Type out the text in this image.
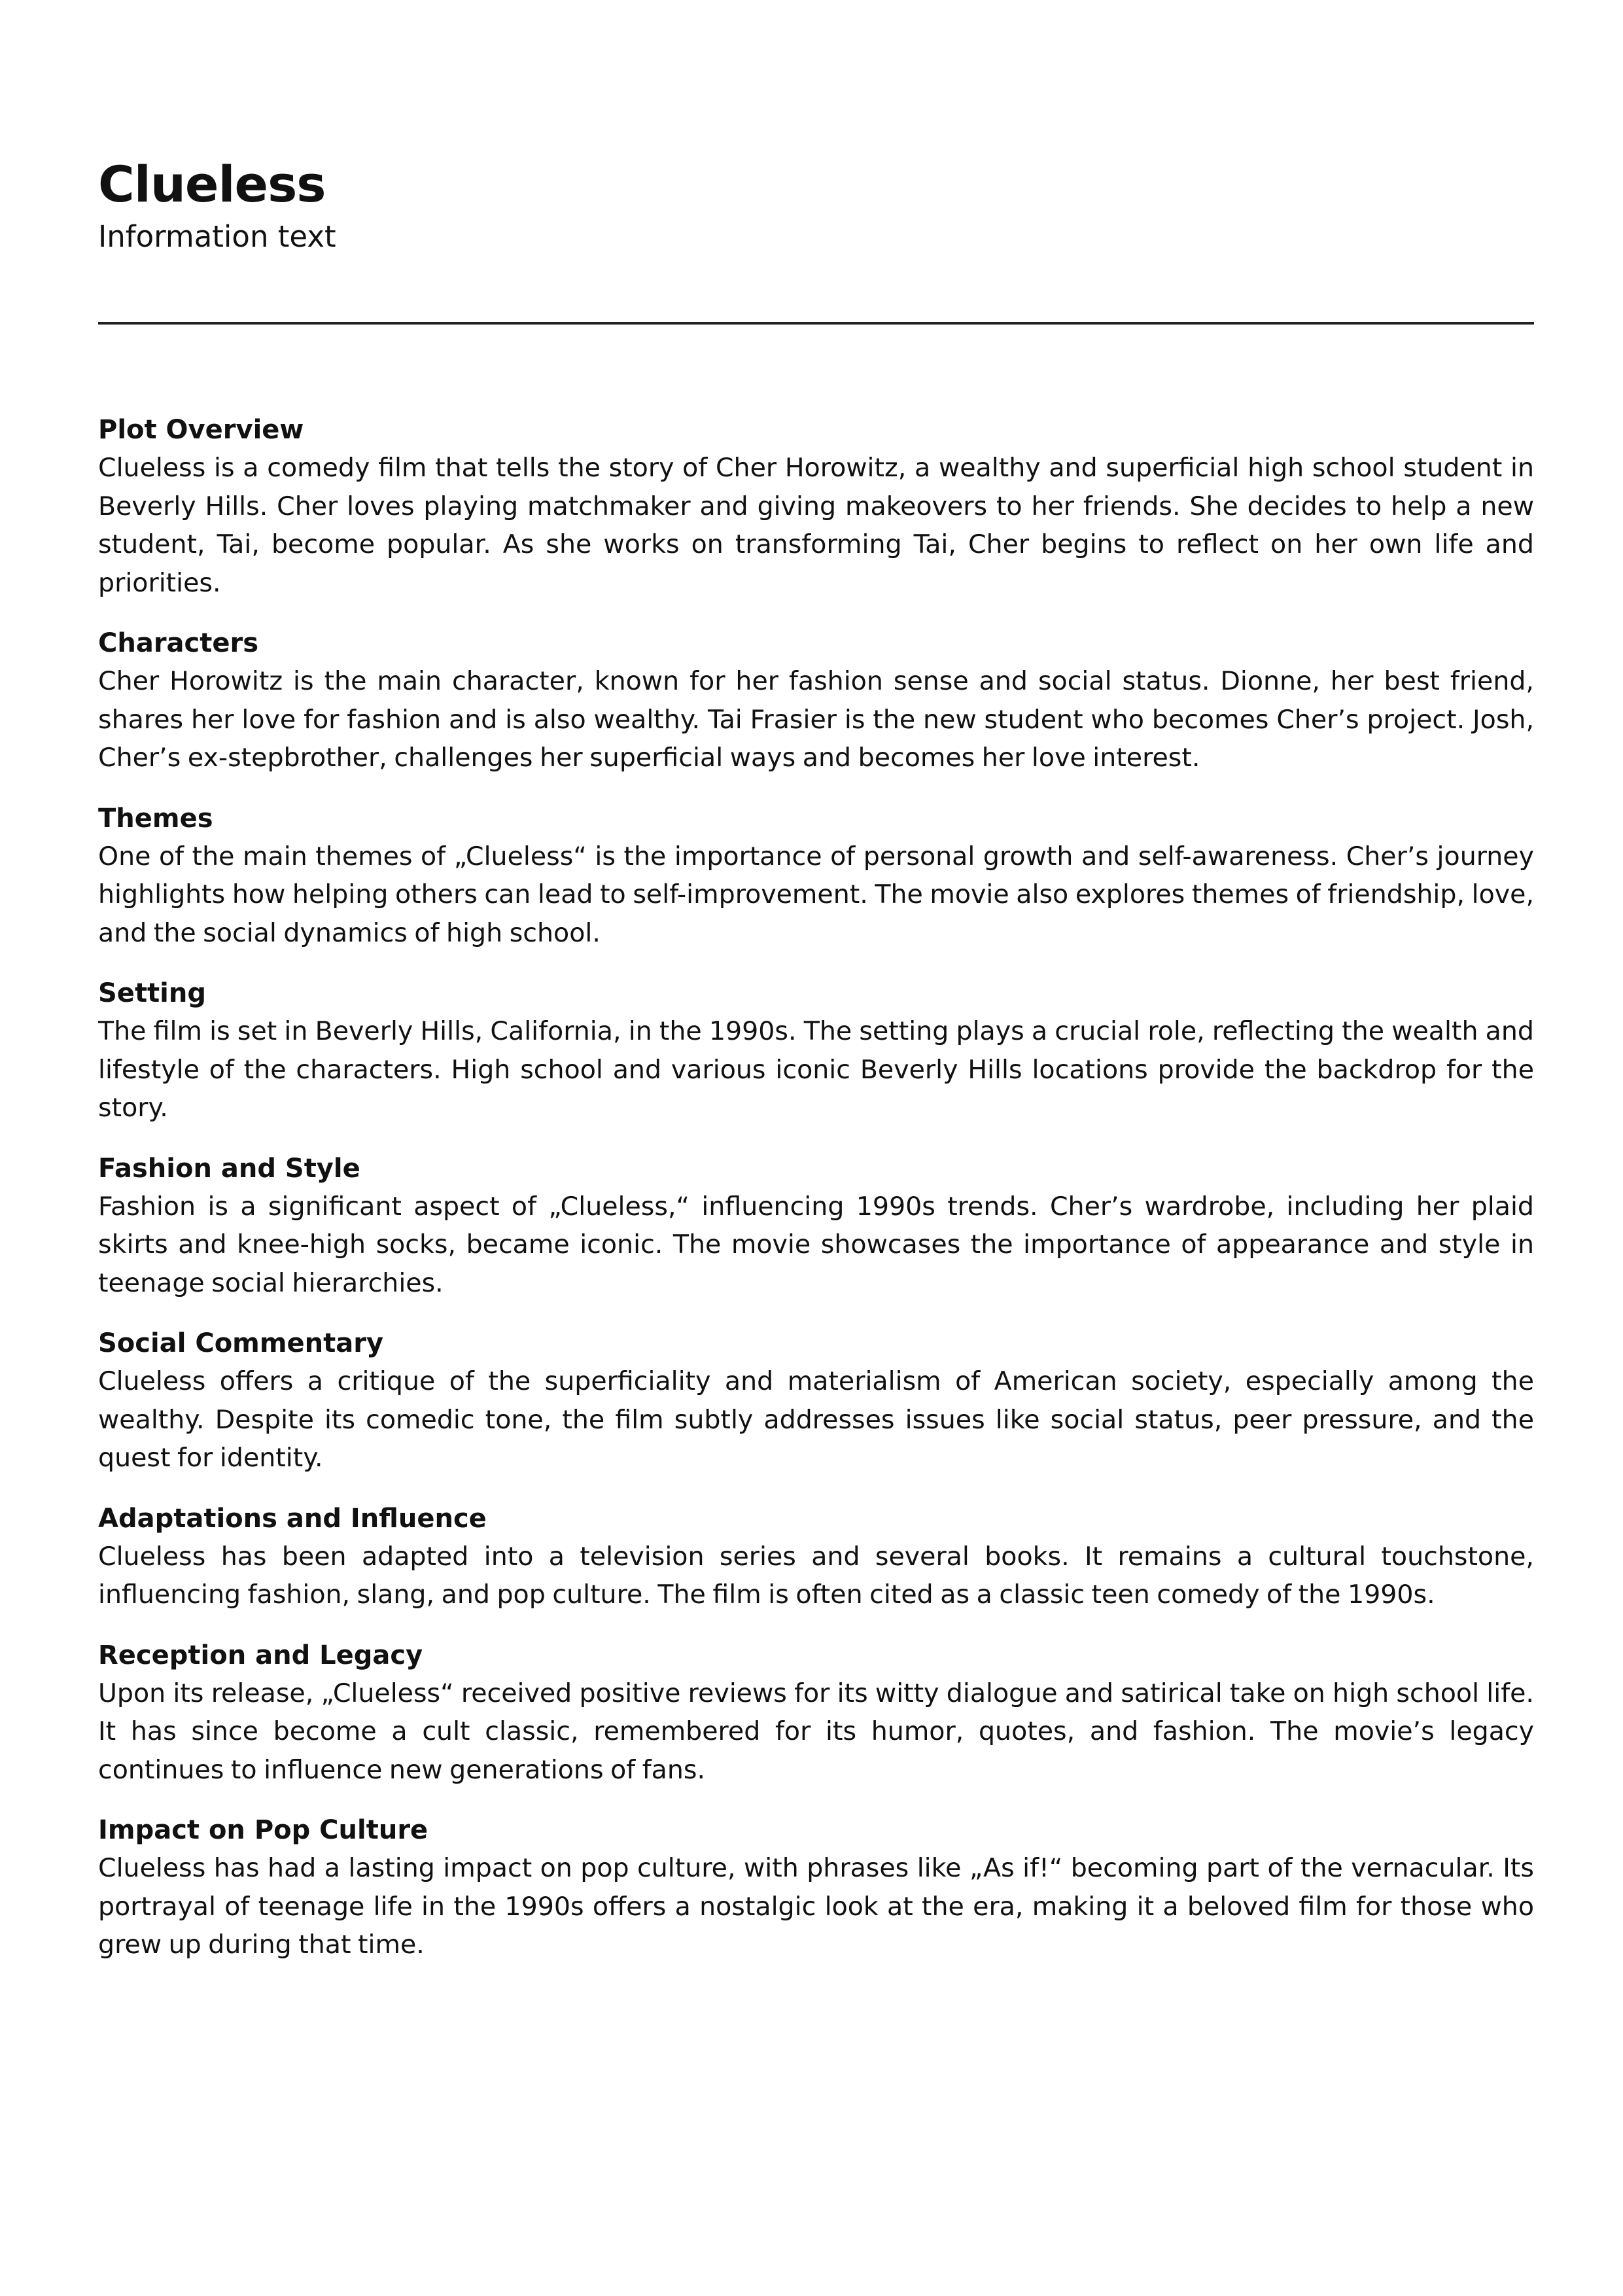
Clueless
Information text

Plot Overview

Clueless is a comedy film that tells the story of Cher Horowitz, a wealthy and superficial high school student in Beverly Hills. Cher loves playing matchmaker and giving makeovers to her friends. She decides to help a new student, Tai, become popular. As she works on transforming Tai, Cher begins to reflect on her own life and priorities.

Characters

Cher Horowitz is the main character, known for her fashion sense and social status. Dionne, her best friend, shares her love for fashion and is also wealthy. Tai Frasier is the new student who becomes Cher’s project. Josh, Cher’s ex-stepbrother, challenges her superficial ways and becomes her love interest.

Themes

One of the main themes of „Clueless“ is the importance of personal growth and self-awareness. Cher’s journey highlights how helping others can lead to self-improvement. The movie also explores themes of friendship, love, and the social dynamics of high school.

Setting

The film is set in Beverly Hills, California, in the 1990s. The setting plays a crucial role, reflecting the wealth and lifestyle of the characters. High school and various iconic Beverly Hills locations provide the backdrop for the story.

Fashion and Style

Fashion is a significant aspect of „Clueless,“ influencing 1990s trends. Cher’s wardrobe, including her plaid skirts and knee-high socks, became iconic. The movie showcases the importance of appearance and style in teenage social hierarchies.

Social Commentary

Clueless offers a critique of the superficiality and materialism of American society, especially among the wealthy. Despite its comedic tone, the film subtly addresses issues like social status, peer pressure, and the quest for identity.

Adaptations and Influence

Clueless has been adapted into a television series and several books. It remains a cultural touchstone, influencing fashion, slang, and pop culture. The film is often cited as a classic teen comedy of the 1990s.

Reception and Legacy

Upon its release, „Clueless“ received positive reviews for its witty dialogue and satirical take on high school life. It has since become a cult classic, remembered for its humor, quotes, and fashion. The movie’s legacy continues to influence new generations of fans.

Impact on Pop Culture

Clueless has had a lasting impact on pop culture, with phrases like „As if!“ becoming part of the vernacular. Its portrayal of teenage life in the 1990s offers a nostalgic look at the era, making it a beloved film for those who grew up during that time.
